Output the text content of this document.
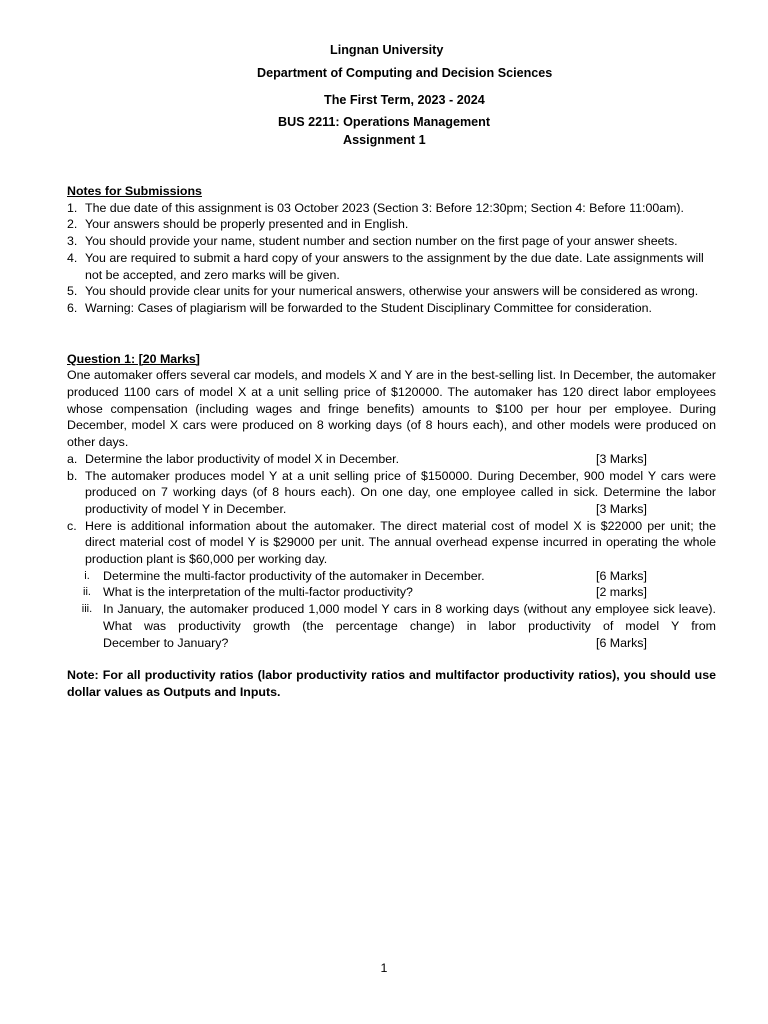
Lingnan University
Department of Computing and Decision Sciences
The First Term, 2023 - 2024
BUS 2211: Operations Management
Assignment 1
Notes for Submissions
1. The due date of this assignment is 03 October 2023 (Section 3: Before 12:30pm; Section 4: Before 11:00am).
2. Your answers should be properly presented and in English.
3. You should provide your name, student number and section number on the first page of your answer sheets.
4. You are required to submit a hard copy of your answers to the assignment by the due date. Late assignments will not be accepted, and zero marks will be given.
5. You should provide clear units for your numerical answers, otherwise your answers will be considered as wrong.
6. Warning: Cases of plagiarism will be forwarded to the Student Disciplinary Committee for consideration.
Question 1: [20 Marks]
One automaker offers several car models, and models X and Y are in the best-selling list. In December, the automaker produced 1100 cars of model X at a unit selling price of $120000. The automaker has 120 direct labor employees whose compensation (including wages and fringe benefits) amounts to $100 per hour per employee. During December, model X cars were produced on 8 working days (of 8 hours each), and other models were produced on other days.
a. Determine the labor productivity of model X in December.	[3 Marks]
b. The automaker produces model Y at a unit selling price of $150000. During December, 900 model Y cars were produced on 7 working days (of 8 hours each). On one day, one employee called in sick. Determine the labor
productivity of model Y in December.	[3 Marks]
c. Here is additional information about the automaker. The direct material cost of model X is $22000 per unit; the direct material cost of model Y is $29000 per unit. The annual overhead expense incurred in operating the whole production plant is $60,000 per working day.
i.	Determine the multi-factor productivity of the automaker in December.	[6 Marks]
ii. What is the interpretation of the multi-factor productivity?	[2 marks]
iii. In January, the automaker produced 1,000 model Y cars in 8 working days (without any employee sick leave). What was productivity growth (the percentage change) in labor productivity of model Y from
December to January?	[6 Marks]
Note: For all productivity ratios (labor productivity ratios and multifactor productivity ratios), you should use dollar values as Outputs and Inputs.
1
